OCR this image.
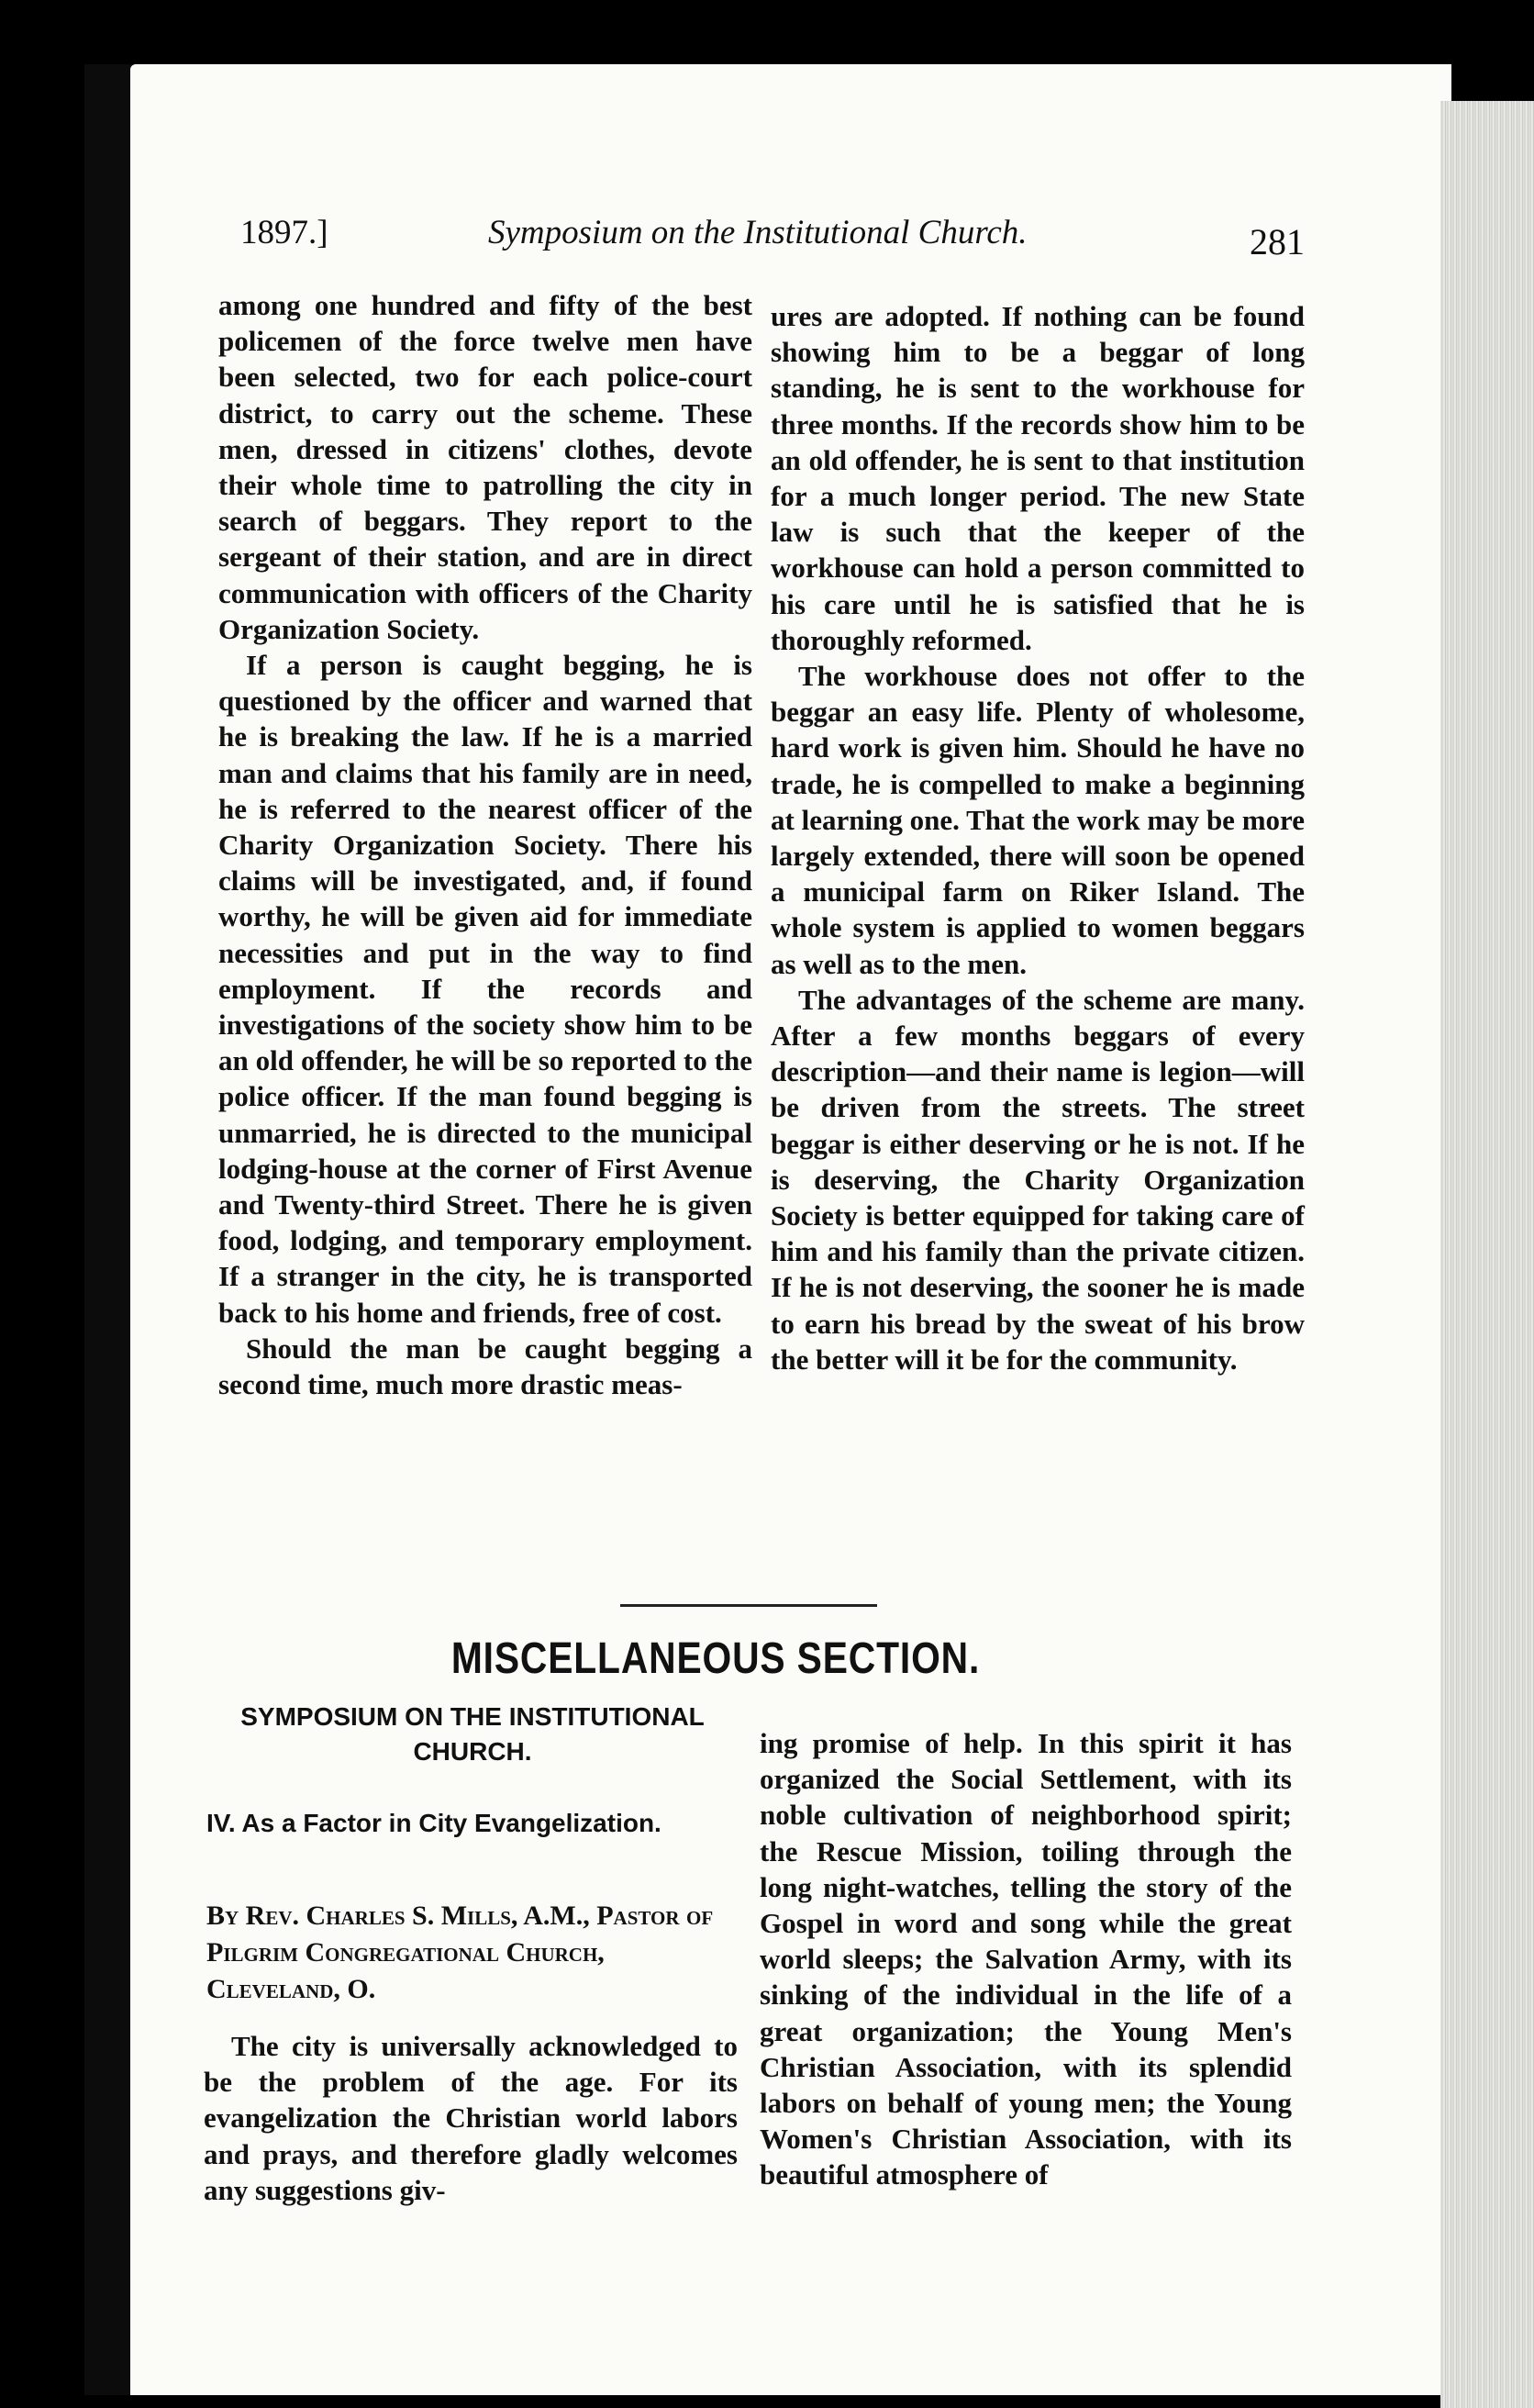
1897.]	Symposium on the Institutional Church.	281

among one hundred and fifty of the best policemen of the force twelve men have been selected, two for each police-court district, to carry out the scheme. These men, dressed in citizens' clothes, devote their whole time to patrolling the city in search of beggars. They report to the sergeant of their station, and are in direct communication with officers of the Charity Organization Society.

If a person is caught begging, he is questioned by the officer and warned that he is breaking the law. If he is a married man and claims that his family are in need, he is referred to the nearest officer of the Charity Organization Society. There his claims will be investigated, and, if found worthy, he will be given aid for immediate necessities and put in the way to find employment. If the records and investigations of the society show him to be an old offender, he will be so reported to the police officer. If the man found begging is unmarried, he is directed to the municipal lodging-house at the corner of First Avenue and Twenty-third Street. There he is given food, lodging, and temporary employment. If a stranger in the city, he is transported back to his home and friends, free of cost.

Should the man be caught begging a second time, much more drastic meas-

ures are adopted. If nothing can be found showing him to be a beggar of long standing, he is sent to the workhouse for three months. If the records show him to be an old offender, he is sent to that institution for a much longer period. The new State law is such that the keeper of the workhouse can hold a person committed to his care until he is satisfied that he is thoroughly reformed.

The workhouse does not offer to the beggar an easy life. Plenty of wholesome, hard work is given him. Should he have no trade, he is compelled to make a beginning at learning one. That the work may be more largely extended, there will soon be opened a municipal farm on Riker Island. The whole system is applied to women beggars as well as to the men.

The advantages of the scheme are many. After a few months beggars of every description—and their name is legion—will be driven from the streets. The street beggar is either deserving or he is not. If he is deserving, the Charity Organization Society is better equipped for taking care of him and his family than the private citizen. If he is not deserving, the sooner he is made to earn his bread by the sweat of his brow the better will it be for the community.

MISCELLANEOUS SECTION.
SYMPOSIUM ON THE INSTITUTIONAL CHURCH.
IV. As a Factor in City Evangelization.
By Rev. Charles S. Mills, A.M., Pastor of Pilgrim Congregational Church, Cleveland, O.

The city is universally acknowledged to be the problem of the age. For its evangelization the Christian world labors and prays, and therefore gladly welcomes any suggestions giv-

ing promise of help. In this spirit it has organized the Social Settlement, with its noble cultivation of neighborhood spirit; the Rescue Mission, toiling through the long night-watches, telling the story of the Gospel in word and song while the great world sleeps; the Salvation Army, with its sinking of the individual in the life of a great organization; the Young Men's Christian Association, with its splendid labors on behalf of young men; the Young Women's Christian Association, with its beautiful atmosphere of
